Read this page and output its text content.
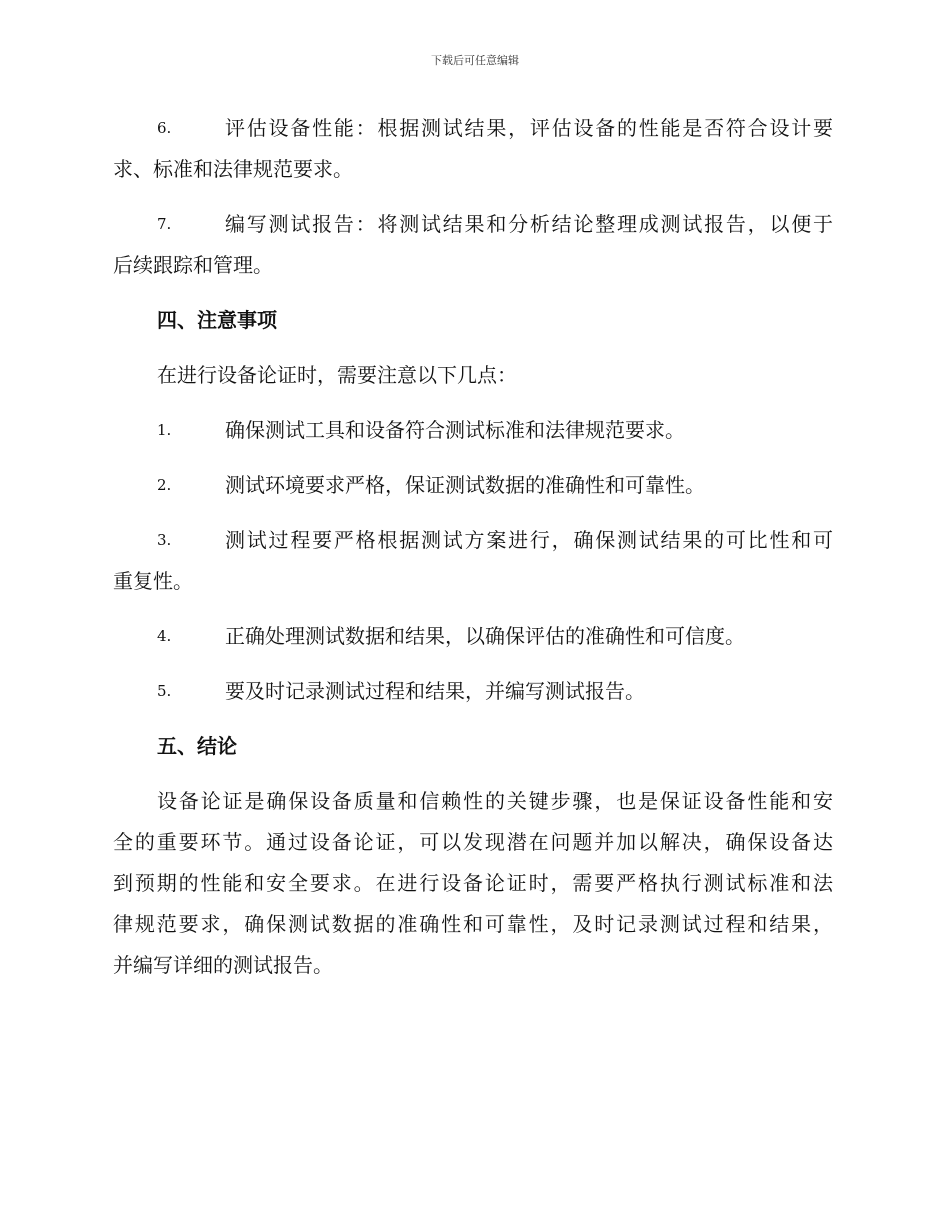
下载后可任意编辑
6.	评估设备性能：根据测试结果，评估设备的性能是否符合设计要
求、标准和法律规范要求。
7.	编写测试报告：将测试结果和分析结论整理成测试报告，以便于
后续跟踪和管理。
四、注意事项
在进行设备论证时，需要注意以下几点：
1.	确保测试工具和设备符合测试标准和法律规范要求。
2.	测试环境要求严格，保证测试数据的准确性和可靠性。
3.	测试过程要严格根据测试方案进行，确保测试结果的可比性和可
重复性。
4.	正确处理测试数据和结果，以确保评估的准确性和可信度。
5.	要及时记录测试过程和结果，并编写测试报告。
五、结论
设备论证是确保设备质量和信赖性的关键步骤，也是保证设备性能和安
全的重要环节。通过设备论证，可以发现潜在问题并加以解决，确保设备达
到预期的性能和安全要求。在进行设备论证时，需要严格执行测试标准和法
律规范要求，确保测试数据的准确性和可靠性，及时记录测试过程和结果，
并编写详细的测试报告。
